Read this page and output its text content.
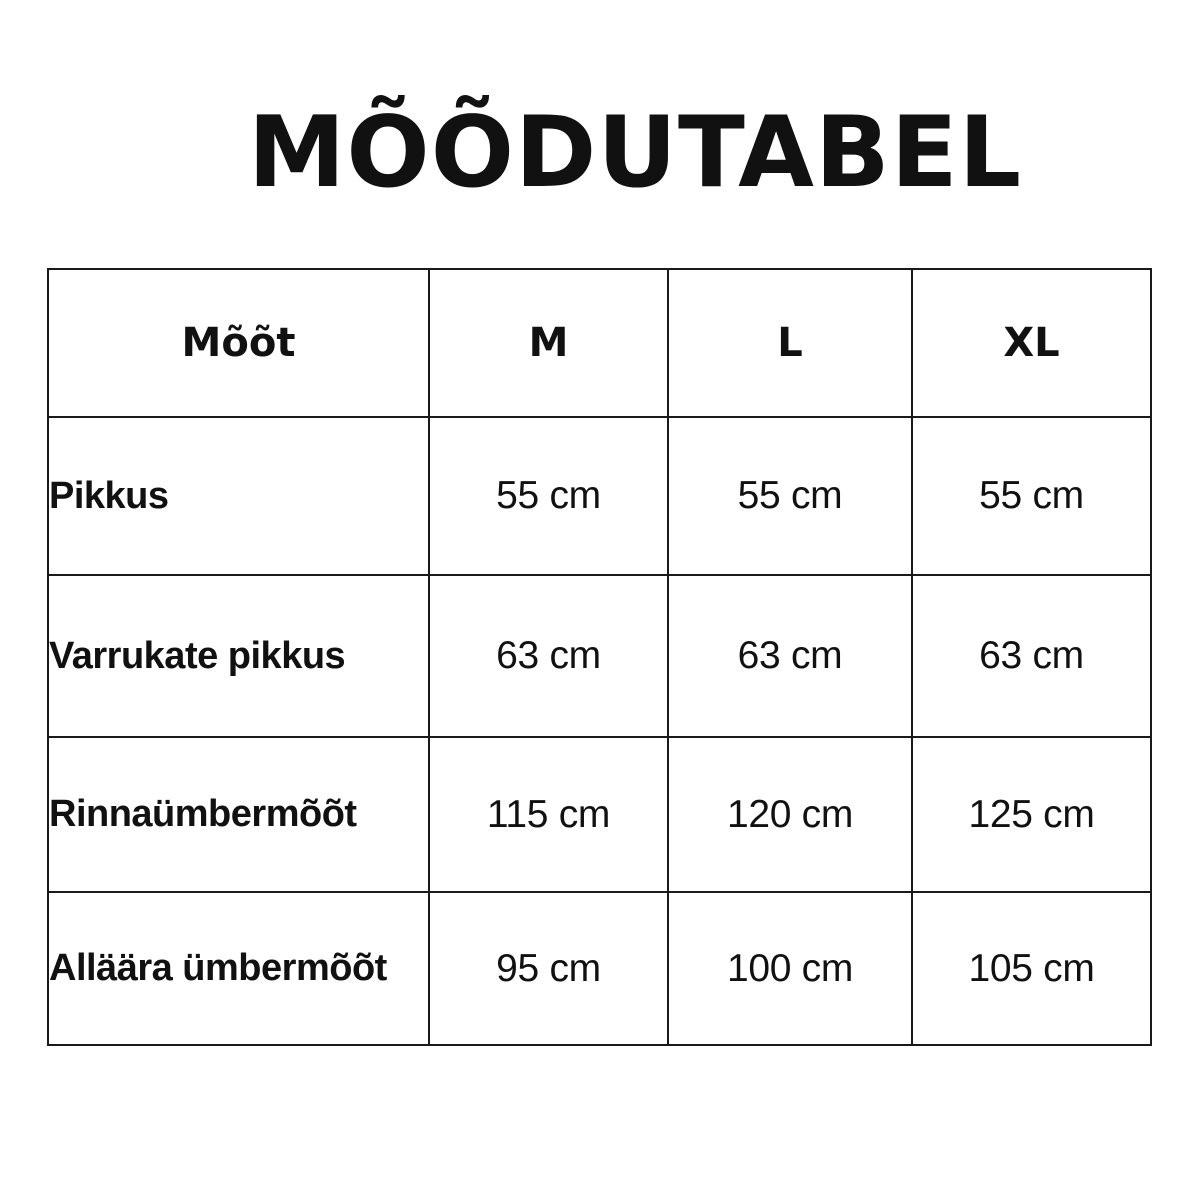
MÕÕDUTABEL
Mõõt	M	L	XL
Pikkus	55 cm	55 cm	55 cm
Varrukate pikkus	63 cm	63 cm	63 cm
Rinnaümbermõõt	115 cm	120 cm	125 cm
Alläära ümbermõõt	95 cm	100 cm	105 cm
